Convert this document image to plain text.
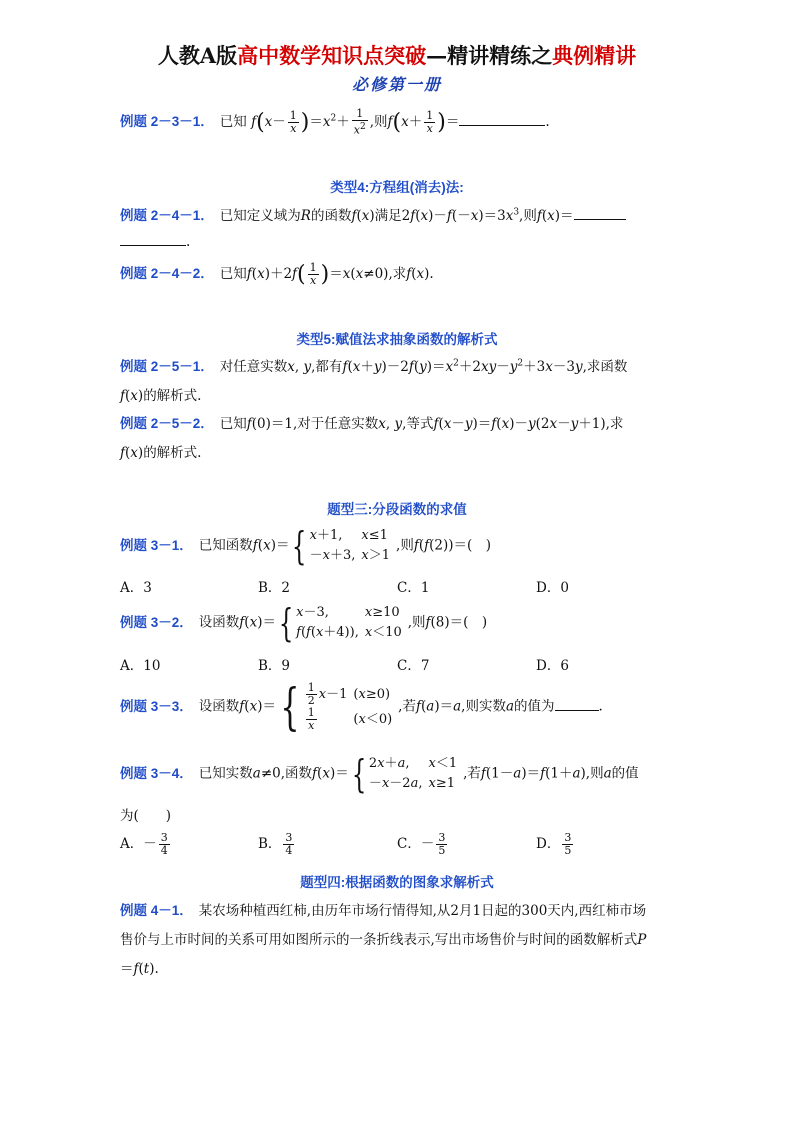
人教A版高中数学知识点突破—精讲精练之典例精讲
必修第一册
例题 2－3－1． 已知 $f(x- \frac{1}{x} )=x^2+ \frac{1}{x^2}$ ,则$f(x+ \frac{1}{x}$ )＝	.
类型4:方程组(消去)法:
例题 2－4－1． 已知定义域为R的函数f(x)满足$2f(x)-f(-x)=3x^3$,则f(x)＝
.
例题 2－4－2． 已知$f(x)+2f( \frac{1}{x} )=x(x\ne 0)$,求f(x).
类型5:赋值法求抽象函数的解析式
例题 2－5－1． 对任意实数x, y,都有$f(x+y)-2f(y)=x^2+2xy-y^2+3x-3y$,求函数
f(x)的解析式.
例题 2－5－2． 已知f(0)＝1,对于任意实数x, y,等式f(x－y)＝f(x)－y(2x－y＋1),求
f(x)的解析式.
题型三:分段函数的求值
例题 3－1． 已知函数f(x)＝{ x＋1,	x≤1
－x＋3,	x＞1,则f(f(2))＝(　)
A．3	B．2	C．1	D．0
例题 3－2． 设函数f(x)＝{ x－3,	x≥10
f(f(x＋4)),	x＜10,则f(8)＝(　)
A．10	B．9	C．7	D．6
例题 3－3． 设函数$f(x)=\{ \frac{1}{2} x-1$	(x≥0)

$\frac{1}{x}$	(x＜0),若f(a)＝a,则实数a的值为	.
例题 3－4． 已知实数a≠0,函数f(x)＝{ 2x＋a,	x＜1
－x－2a,	x≥1,若f(1－a)＝f(1＋a),则a的值
为(　　)
A．－ $\frac{3}{4}$	B． $\frac{3}{4}$	C．－ $\frac{3}{5}$	D． $\frac{3}{5}$
题型四:根据函数的图象求解析式
例题 4－1． 某农场种植西红柿,由历年市场行情得知,从2月1日起的300天内,西红柿市场
售价与上市时间的关系可用如图所示的一条折线表示,写出市场售价与时间的函数解析式P
＝f(t).
